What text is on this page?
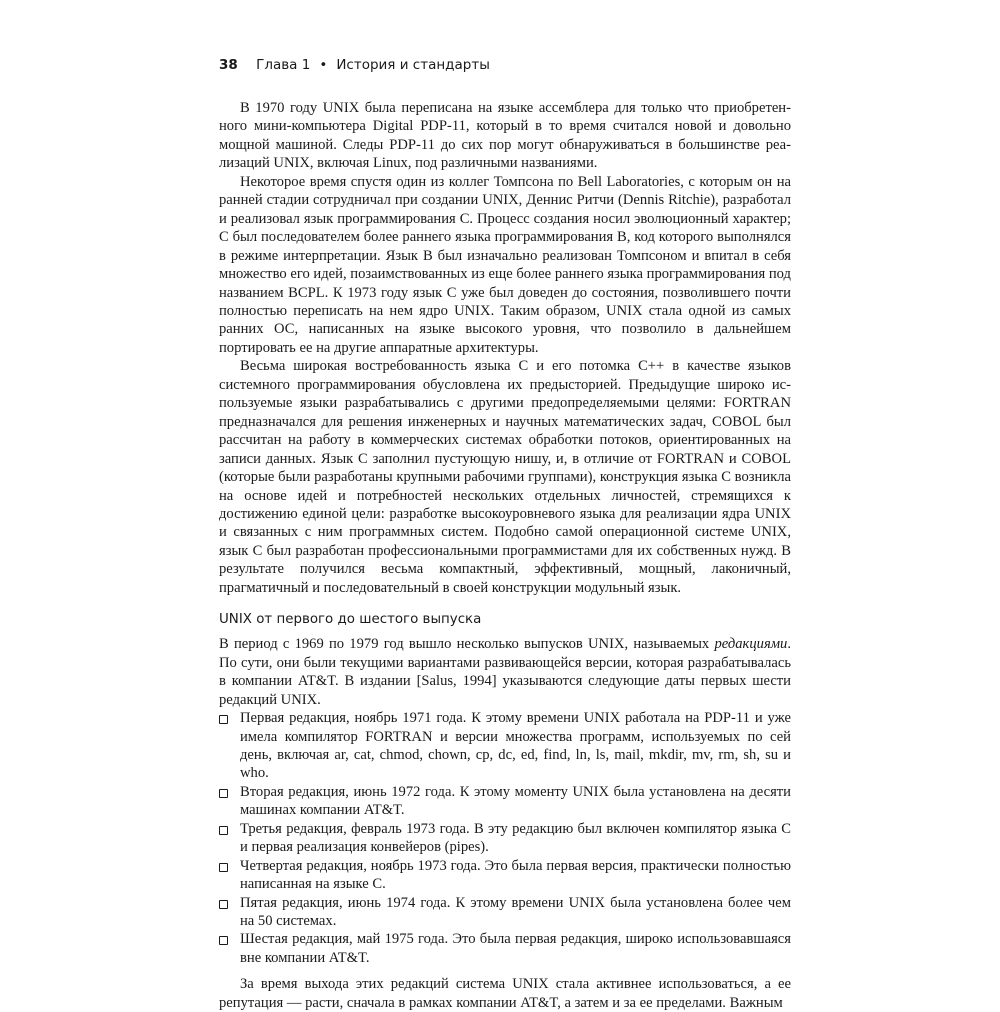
38 Глава 1 • История и стандарты

В 1970 году UNIX была переписана на языке ассемблера для только что приобретенного мини-компьютера Digital PDP-11, который в то время считался новой и довольно мощной машиной. Следы PDP-11 до сих пор могут обнаруживаться в большинстве реализаций UNIX, включая Linux, под различными названиями.

Некоторое время спустя один из коллег Томпсона по Bell Laboratories, с которым он на ранней стадии сотрудничал при создании UNIX, Деннис Ритчи (Dennis Ritchie), разработал и реализовал язык программирования C. Процесс создания носил эволюционный характер; C был последователем более раннего языка программирования B, код которого выполнялся в режиме интерпретации. Язык B был изначально реализован Томпсоном и впитал в себя множество его идей, позаимствованных из еще более раннего языка программирования под названием BCPL. К 1973 году язык C уже был доведен до состояния, позволившего почти полностью переписать на нем ядро UNIX. Таким образом, UNIX стала одной из самых ранних ОС, написанных на языке высокого уровня, что позволило в дальнейшем портировать ее на другие аппаратные архитектуры.

Весьма широкая востребованность языка C и его потомка C++ в качестве языков системного программирования обусловлена их предысторией. Предыдущие широко используемые языки разрабатывались с другими предопределяемыми целями: FORTRAN предназначался для решения инженерных и научных математических задач, COBOL был рассчитан на работу в коммерческих системах обработки потоков, ориентированных на записи данных. Язык C заполнил пустующую нишу, и, в отличие от FORTRAN и COBOL (которые были разработаны крупными рабочими группами), конструкция языка C возникла на основе идей и потребностей нескольких отдельных личностей, стремящихся к достижению единой цели: разработке высокоуровневого языка для реализации ядра UNIX и связанных с ним программных систем. Подобно самой операционной системе UNIX, язык C был разработан профессиональными программистами для их собственных нужд. В результате получился весьма компактный, эффективный, мощный, лаконичный, прагматичный и последовательный в своей конструкции модульный язык.

UNIX от первого до шестого выпуска

В период с 1969 по 1979 год вышло несколько выпусков UNIX, называемых редакциями. По сути, они были текущими вариантами развивающейся версии, которая разрабатывалась в компании AT&T. В издании [Salus, 1994] указываются следующие даты первых шести редакций UNIX.

Первая редакция, ноябрь 1971 года. К этому времени UNIX работала на PDP-11 и уже имела компилятор FORTRAN и версии множества программ, используемых по сей день, включая ar, cat, chmod, chown, cp, dc, ed, find, ln, ls, mail, mkdir, mv, rm, sh, su и who.
Вторая редакция, июнь 1972 года. К этому моменту UNIX была установлена на десяти машинах компании AT&T.
Третья редакция, февраль 1973 года. В эту редакцию был включен компилятор языка C и первая реализация конвейеров (pipes).
Четвертая редакция, ноябрь 1973 года. Это была первая версия, практически полностью написанная на языке C.
Пятая редакция, июнь 1974 года. К этому времени UNIX была установлена более чем на 50 системах.
Шестая редакция, май 1975 года. Это была первая редакция, широко использовавшаяся вне компании AT&T.

За время выхода этих редакций система UNIX стала активнее использоваться, а ее репутация — расти, сначала в рамках компании AT&T, а затем и за ее пределами. Важным
